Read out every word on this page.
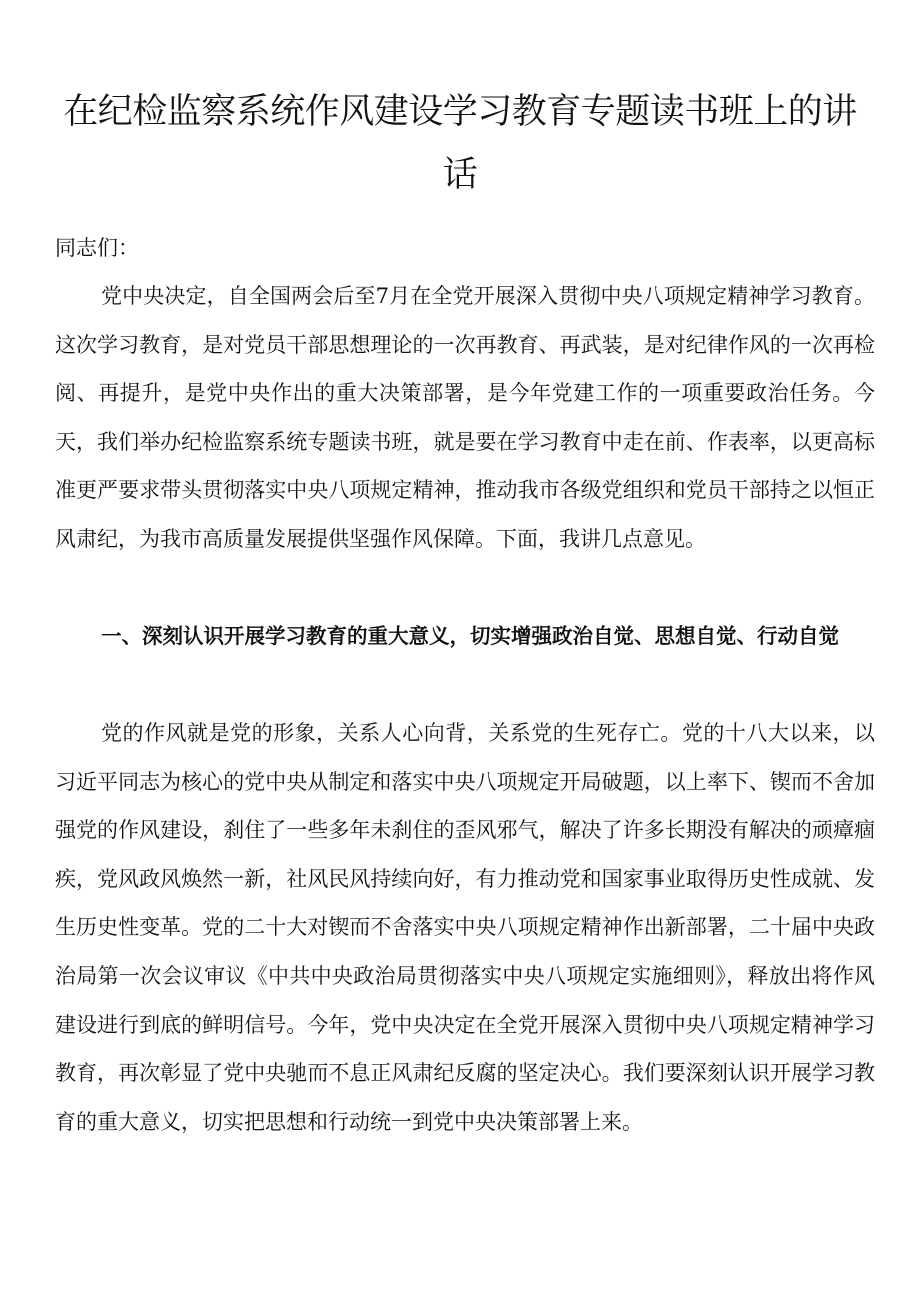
在纪检监察系统作风建设学习教育专题读书班上的讲
话

同志们：

党中央决定，自全国两会后至7月在全党开展深入贯彻中央八项规定精神学习教育。这次学习教育，是对党员干部思想理论的一次再教育、再武装，是对纪律作风的一次再检阅、再提升，是党中央作出的重大决策部署，是今年党建工作的一项重要政治任务。今天，我们举办纪检监察系统专题读书班，就是要在学习教育中走在前、作表率，以更高标准更严要求带头贯彻落实中央八项规定精神，推动我市各级党组织和党员干部持之以恒正风肃纪，为我市高质量发展提供坚强作风保障。下面，我讲几点意见。

一、深刻认识开展学习教育的重大意义，切实增强政治自觉、思想自觉、行动自觉

党的作风就是党的形象，关系人心向背，关系党的生死存亡。党的十八大以来，以习近平同志为核心的党中央从制定和落实中央八项规定开局破题，以上率下、锲而不舍加强党的作风建设，刹住了一些多年未刹住的歪风邪气，解决了许多长期没有解决的顽瘴痼疾，党风政风焕然一新，社风民风持续向好，有力推动党和国家事业取得历史性成就、发生历史性变革。党的二十大对锲而不舍落实中央八项规定精神作出新部署，二十届中央政治局第一次会议审议《中共中央政治局贯彻落实中央八项规定实施细则》，释放出将作风建设进行到底的鲜明信号。今年，党中央决定在全党开展深入贯彻中央八项规定精神学习教育，再次彰显了党中央驰而不息正风肃纪反腐的坚定决心。我们要深刻认识开展学习教育的重大意义，切实把思想和行动统一到党中央决策部署上来。
